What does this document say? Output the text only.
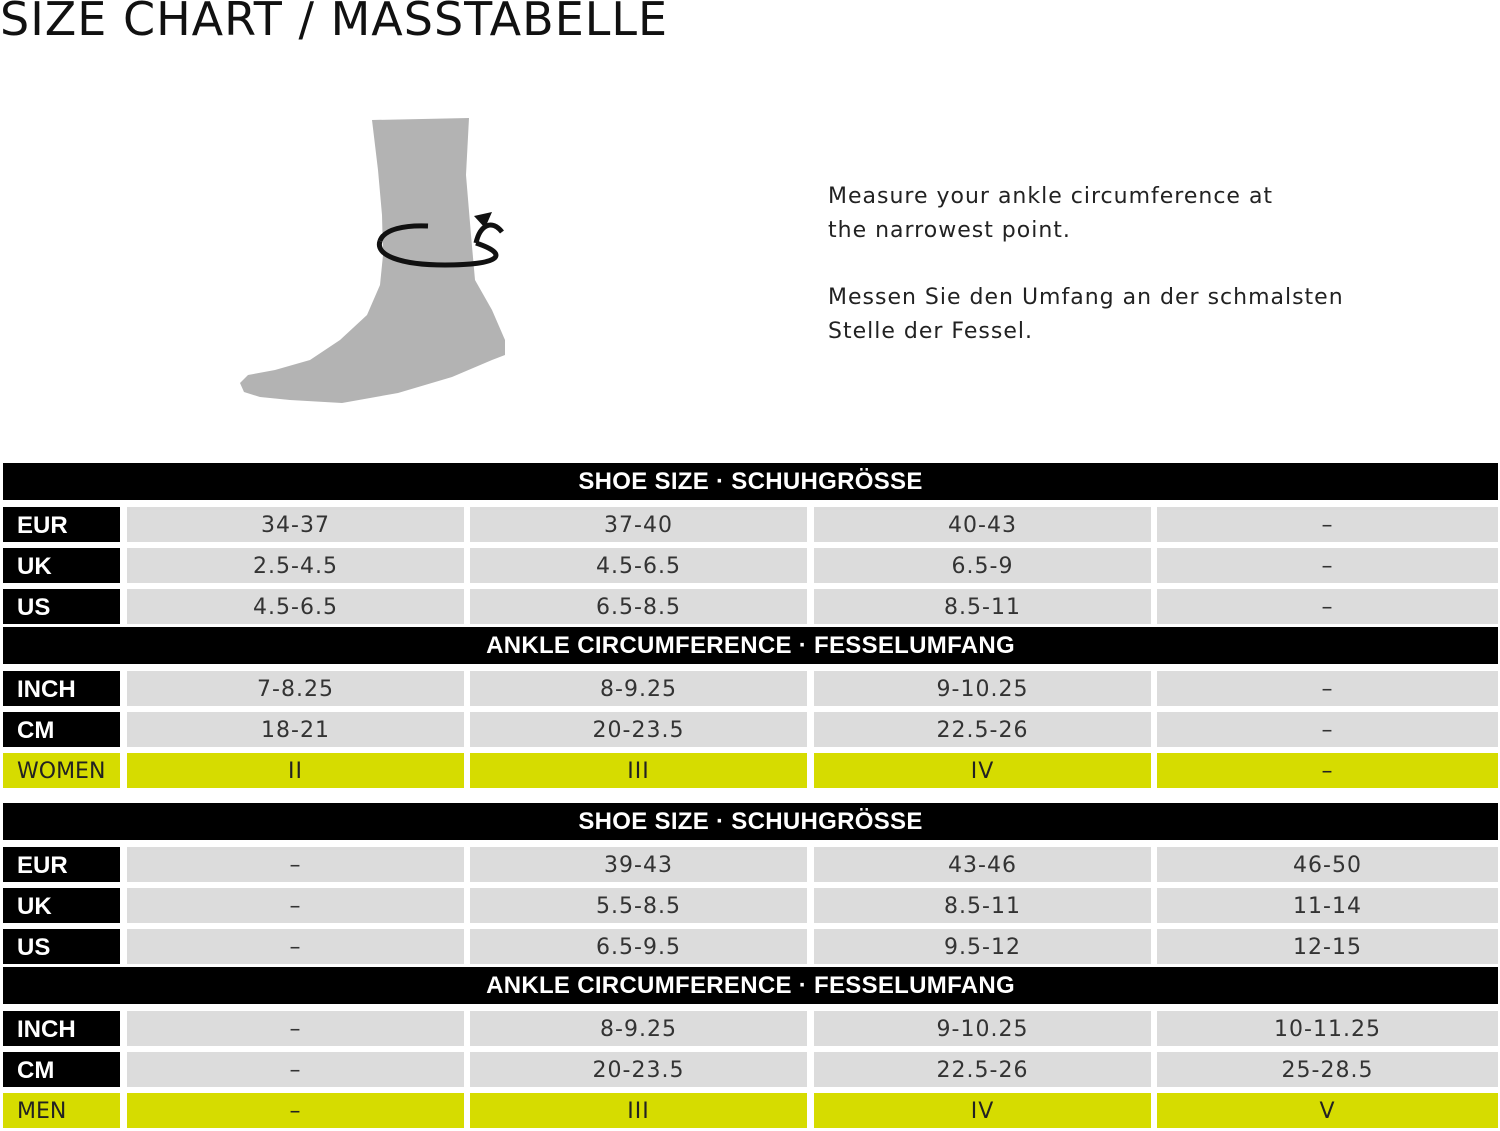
SIZE CHART / MASSTABELLE

Measure your ankle circumference at
the narrowest point.

Messen Sie den Umfang an der schmalsten
Stelle der Fessel.

SHOE SIZE · SCHUHGRÖSSE
EUR	34-37	37-40	40-43	–
UK	2.5-4.5	4.5-6.5	6.5-9	–
US	4.5-6.5	6.5-8.5	8.5-11	–
ANKLE CIRCUMFERENCE · FESSELUMFANG
INCH	7-8.25	8-9.25	9-10.25	–
CM	18-21	20-23.5	22.5-26	–
WOMEN	II	III	IV	–
SHOE SIZE · SCHUHGRÖSSE
EUR	–	39-43	43-46	46-50
UK	–	5.5-8.5	8.5-11	11-14
US	–	6.5-9.5	9.5-12	12-15
ANKLE CIRCUMFERENCE · FESSELUMFANG
INCH	–	8-9.25	9-10.25	10-11.25
CM	–	20-23.5	22.5-26	25-28.5
MEN	–	III	IV	V
